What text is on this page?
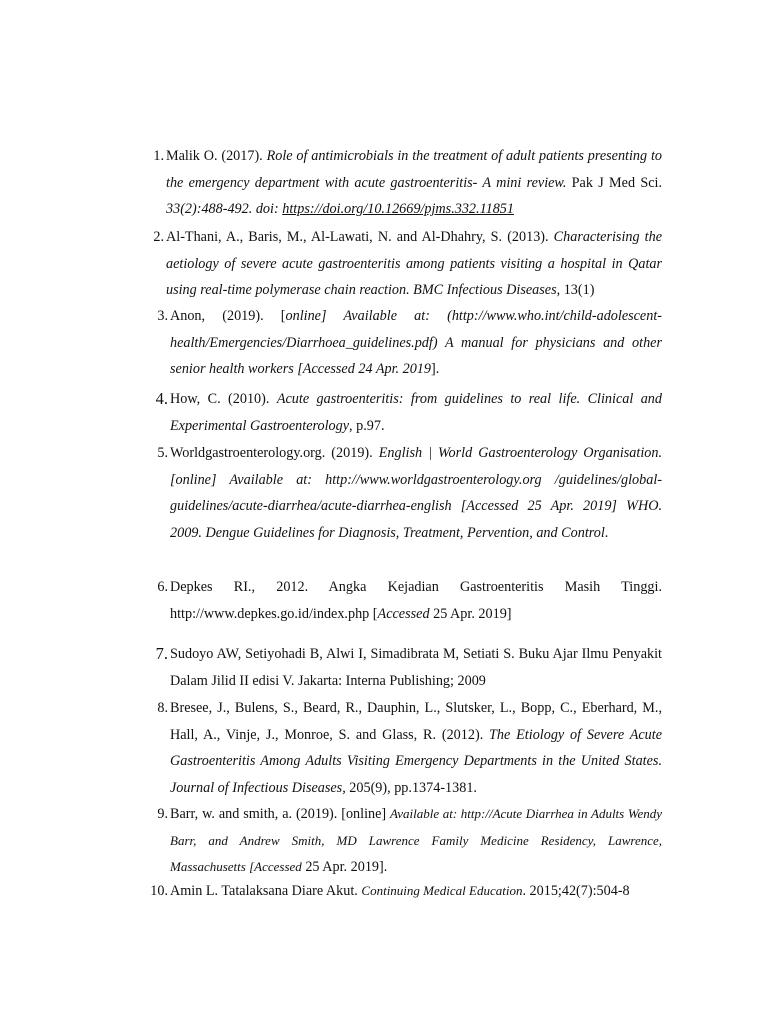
1. Malik O. (2017). Role of antimicrobials in the treatment of adult patients presenting to the emergency department with acute gastroenteritis- A mini review. Pak J Med Sci. 33(2):488-492. doi: https://doi.org/10.12669/pjms.332.11851
2. Al-Thani, A., Baris, M., Al-Lawati, N. and Al-Dhahry, S. (2013). Characterising the aetiology of severe acute gastroenteritis among patients visiting a hospital in Qatar using real-time polymerase chain reaction. BMC Infectious Diseases, 13(1)
3. Anon, (2019). [online] Available at: (http://www.who.int/child-adolescent-health/Emergencies/Diarrhoea_guidelines.pdf) A manual for physicians and other senior health workers [Accessed 24 Apr. 2019].
4. How, C. (2010). Acute gastroenteritis: from guidelines to real life. Clinical and Experimental Gastroenterology, p.97.
5. Worldgastroenterology.org. (2019). English | World Gastroenterology Organisation. [online] Available at: http://www.worldgastroenterology.org /guidelines/global-guidelines/acute-diarrhea/acute-diarrhea-english [Accessed 25 Apr. 2019] WHO. 2009. Dengue Guidelines for Diagnosis, Treatment, Pervention, and Control.
6. Depkes RI., 2012. Angka Kejadian Gastroenteritis Masih Tinggi. http://www.depkes.go.id/index.php [Accessed 25 Apr. 2019]
7. Sudoyo AW, Setiyohadi B, Alwi I, Simadibrata M, Setiati S. Buku Ajar Ilmu Penyakit Dalam Jilid II edisi V. Jakarta: Interna Publishing; 2009
8. Bresee, J., Bulens, S., Beard, R., Dauphin, L., Slutsker, L., Bopp, C., Eberhard, M., Hall, A., Vinje, J., Monroe, S. and Glass, R. (2012). The Etiology of Severe Acute Gastroenteritis Among Adults Visiting Emergency Departments in the United States. Journal of Infectious Diseases, 205(9), pp.1374-1381.
9. Barr, w. and smith, a. (2019). [online] Available at: http://Acute Diarrhea in Adults Wendy Barr, and Andrew Smith, MD Lawrence Family Medicine Residency, Lawrence, Massachusetts [Accessed 25 Apr. 2019].
10. Amin L. Tatalaksana Diare Akut. Continuing Medical Education. 2015;42(7):504-8
